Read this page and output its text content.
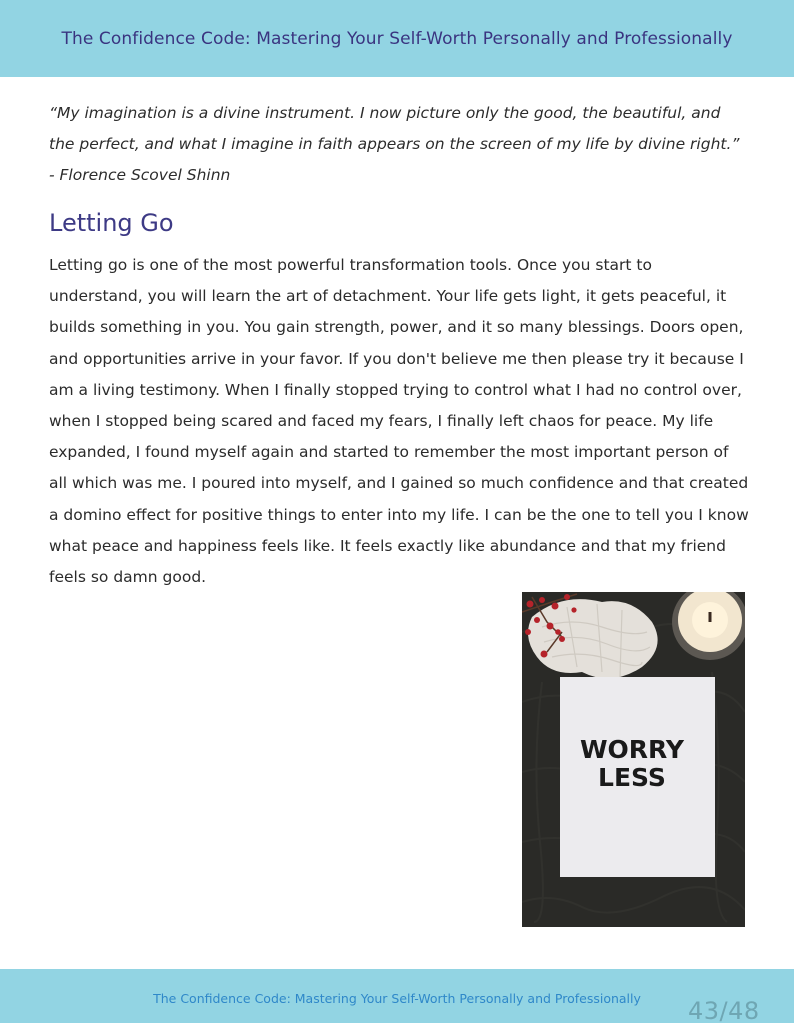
The Confidence Code: Mastering Your Self-Worth Personally and Professionally
“My imagination is a divine instrument. I now picture only the good, the beautiful, and the perfect, and what I imagine in faith appears on the screen of my life by divine right.” - Florence Scovel Shinn
Letting Go
Letting go is one of the most powerful transformation tools. Once you start to understand, you will learn the art of detachment. Your life gets light, it gets peaceful, it builds something in you. You gain strength, power, and it so many blessings. Doors open, and opportunities arrive in your favor. If you don't believe me then please try it because I am a living testimony. When I finally stopped trying to control what I had no control over, when I stopped being scared and faced my fears, I finally left chaos for peace. My life expanded, I found myself again and started to remember the most important person of all which was me. I poured into myself, and I gained so much confidence and that created a domino effect for positive things to enter into my life. I can be the one to tell you I know what peace and happiness feels like. It feels exactly like abundance and that my friend feels so damn good.
WORRY
LESS
The Confidence Code: Mastering Your Self-Worth Personally and Professionally	43/48
